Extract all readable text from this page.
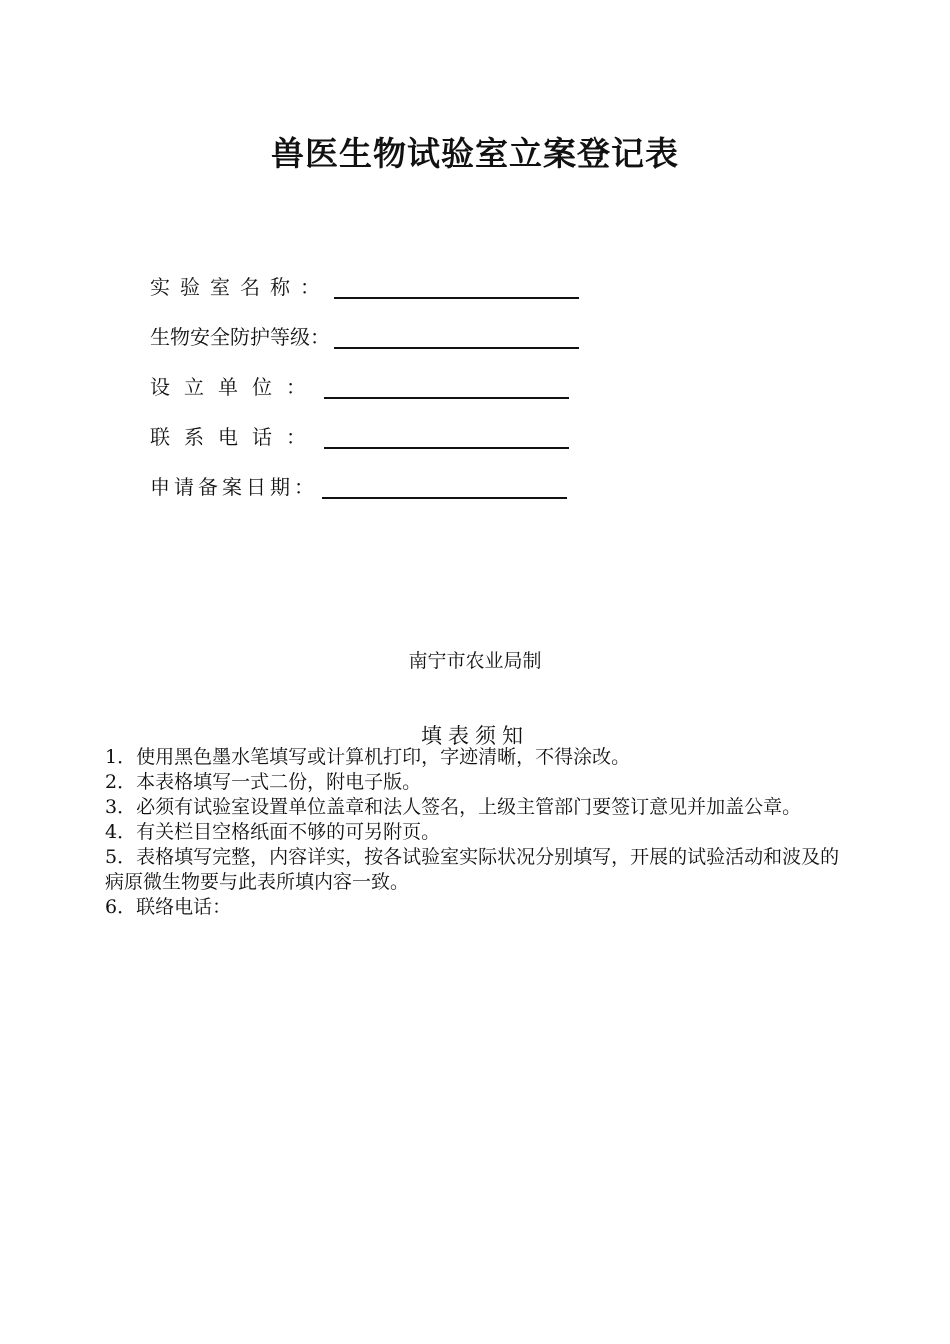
兽医生物试验室立案登记表
实验室名称：
生物安全防护等级：
设立单位：
联系电话：
申请备案日期：
南宁市农业局制
填表须知

1．使用黑色墨水笔填写或计算机打印，字迹清晰，不得涂改。

2．本表格填写一式二份，附电子版。

3．必须有试验室设置单位盖章和法人签名，上级主管部门要签订意见并加盖公章。

4．有关栏目空格纸面不够的可另附页。

5．表格填写完整，内容详实，按各试验室实际状况分别填写，开展的试验活动和波及的病原微生物要与此表所填内容一致。

6．联络电话：
